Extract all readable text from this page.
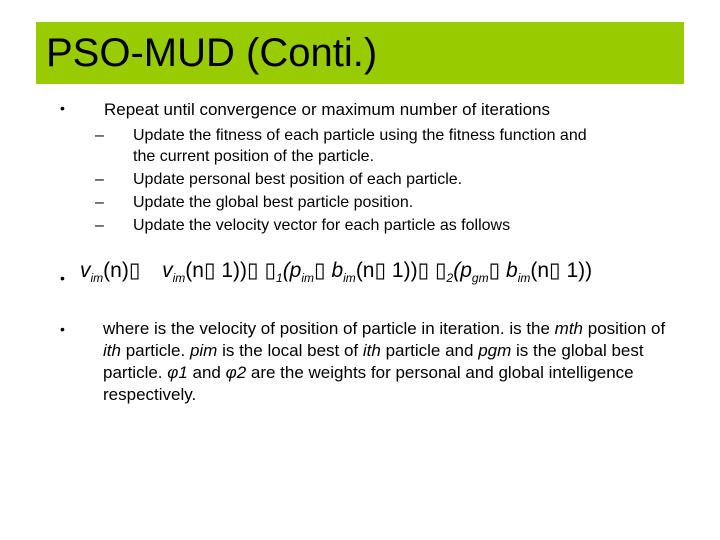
PSO-MUD (Conti.)
• Repeat until convergence or maximum number of iterations
– Update the fitness of each particle using the fitness function and
the current position of the particle.
– Update personal best position of each particle.
– Update the global best particle position.
– Update the velocity vector for each particle as follows
• $v_{im}(n)▯$ $v_{im}(n▯$ 1))▯ $▯_1(p_{im}▯$ $b_{im}(n▯$ 1))▯ $▯_2(p_{gm}▯$ $b_{im}(n▯$ 1))
• where is the velocity of position of particle in iteration. is the mth position of ith particle. pim is the local best of ith particle and pgm is the global best particle. φ1 and φ2 are the weights for personal and global intelligence respectively.
